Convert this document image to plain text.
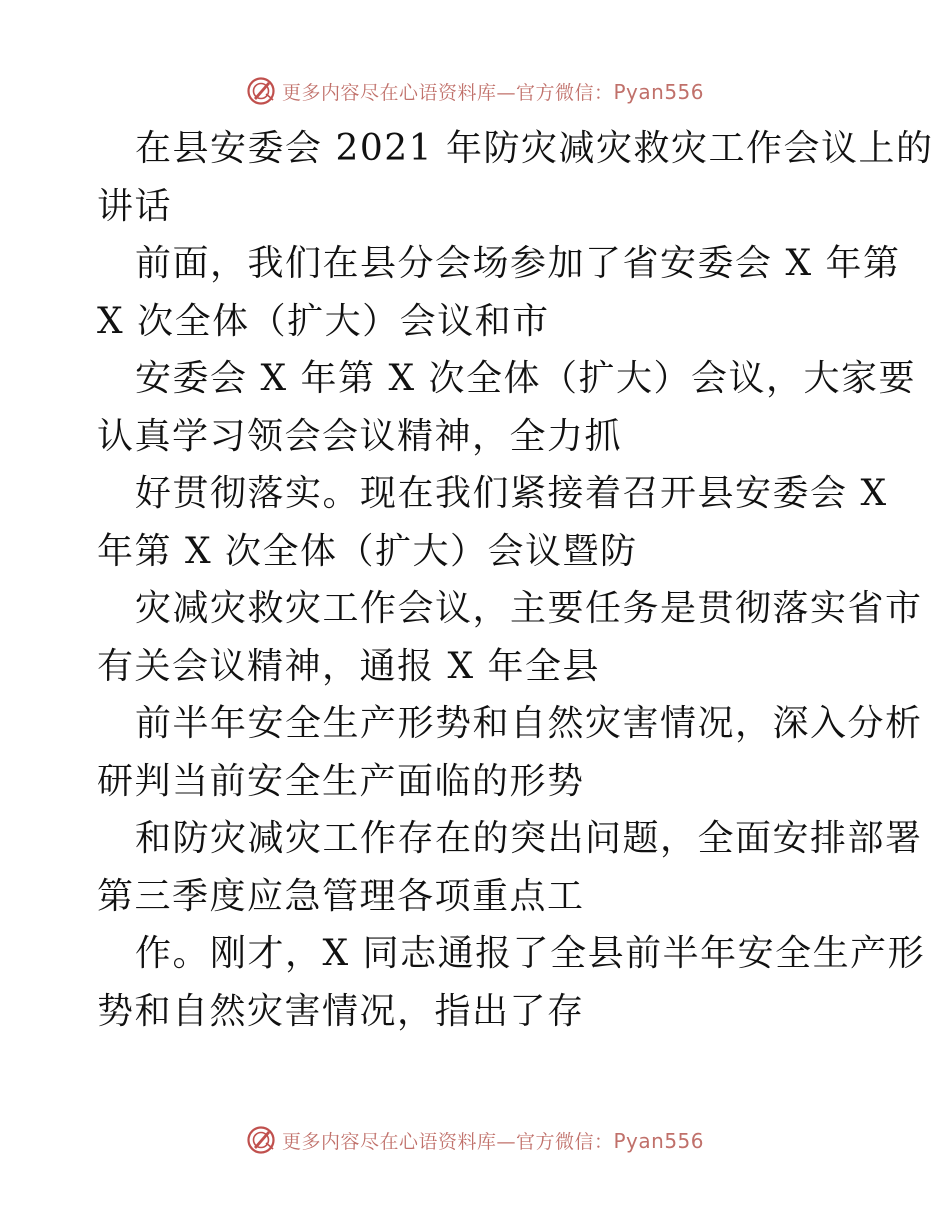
更多内容尽在心语资料库—官方微信：Pyan556
在县安委会 2021 年防灾减灾救灾工作会议上的
讲话
前面，我们在县分会场参加了省安委会 X 年第
X 次全体（扩大）会议和市
安委会 X 年第 X 次全体（扩大）会议，大家要
认真学习领会会议精神，全力抓
好贯彻落实。现在我们紧接着召开县安委会 X
年第 X 次全体（扩大）会议暨防
灾减灾救灾工作会议，主要任务是贯彻落实省市
有关会议精神，通报 X 年全县
前半年安全生产形势和自然灾害情况，深入分析
研判当前安全生产面临的形势
和防灾减灾工作存在的突出问题，全面安排部署
第三季度应急管理各项重点工
作。刚才，X 同志通报了全县前半年安全生产形
势和自然灾害情况，指出了存
更多内容尽在心语资料库—官方微信：Pyan556
